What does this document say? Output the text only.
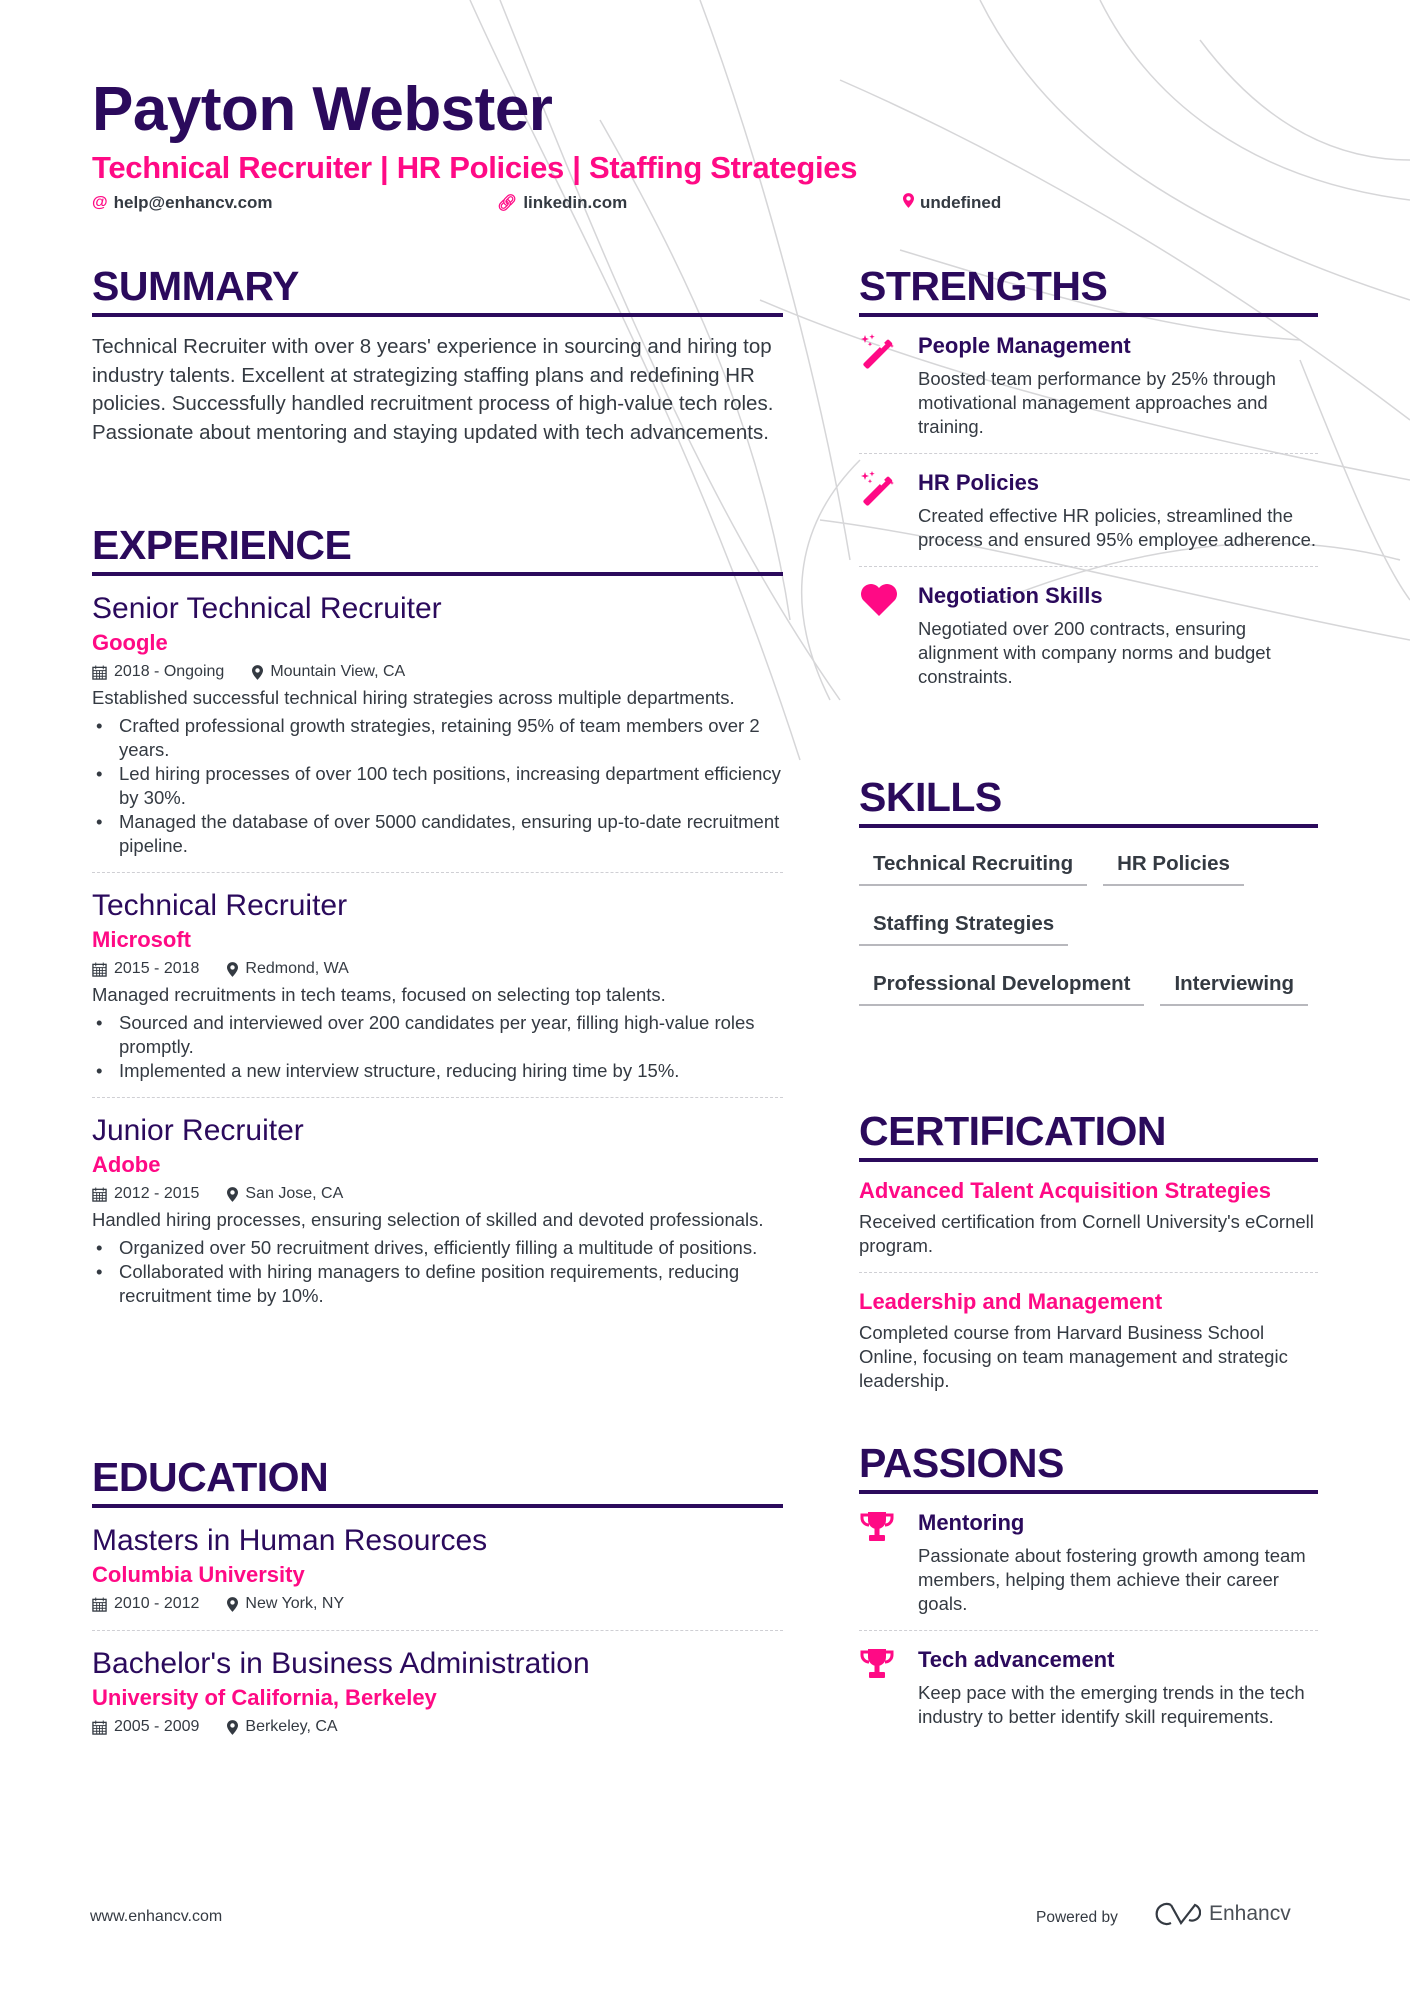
Payton Webster
Technical Recruiter | HR Policies | Staffing Strategies
@ help@enhancv.com	🔗︎ linkedin.com	undefined
SUMMARY

Technical Recruiter with over 8 years' experience in sourcing and hiring top industry talents. Excellent at strategizing staffing plans and redefining HR policies. Successfully handled recruitment process of high-value tech roles. Passionate about mentoring and staying updated with tech advancements.

EXPERIENCE
Senior Technical Recruiter
Google
2018 - Ongoing	Mountain View, CA
Established successful technical hiring strategies across multiple departments.
• Crafted professional growth strategies, retaining 95% of team members over 2 years.
• Led hiring processes of over 100 tech positions, increasing department efficiency by 30%.
• Managed the database of over 5000 candidates, ensuring up-to-date recruitment pipeline.
Technical Recruiter
Microsoft
2015 - 2018	Redmond, WA
Managed recruitments in tech teams, focused on selecting top talents.
• Sourced and interviewed over 200 candidates per year, filling high-value roles promptly.
• Implemented a new interview structure, reducing hiring time by 15%.
Junior Recruiter
Adobe
2012 - 2015	San Jose, CA
Handled hiring processes, ensuring selection of skilled and devoted professionals.
• Organized over 50 recruitment drives, efficiently filling a multitude of positions.
• Collaborated with hiring managers to define position requirements, reducing recruitment time by 10%.
EDUCATION
Masters in Human Resources
Columbia University
2010 - 2012	New York, NY
Bachelor's in Business Administration
University of California, Berkeley
2005 - 2009	Berkeley, CA
STRENGTHS
People Management
Boosted team performance by 25% through motivational management approaches and training.
HR Policies
Created effective HR policies, streamlined the process and ensured 95% employee adherence.
Negotiation Skills
Negotiated over 200 contracts, ensuring alignment with company norms and budget constraints.
SKILLS
Technical Recruiting	HR Policies
Staffing Strategies
Professional Development	Interviewing
CERTIFICATION
Advanced Talent Acquisition Strategies
Received certification from Cornell University's eCornell program.
Leadership and Management
Completed course from Harvard Business School Online, focusing on team management and strategic leadership.
PASSIONS
Mentoring
Passionate about fostering growth among team members, helping them achieve their career goals.
Tech advancement
Keep pace with the emerging trends in the tech industry to better identify skill requirements.
www.enhancv.com	Powered by	Enhancv
